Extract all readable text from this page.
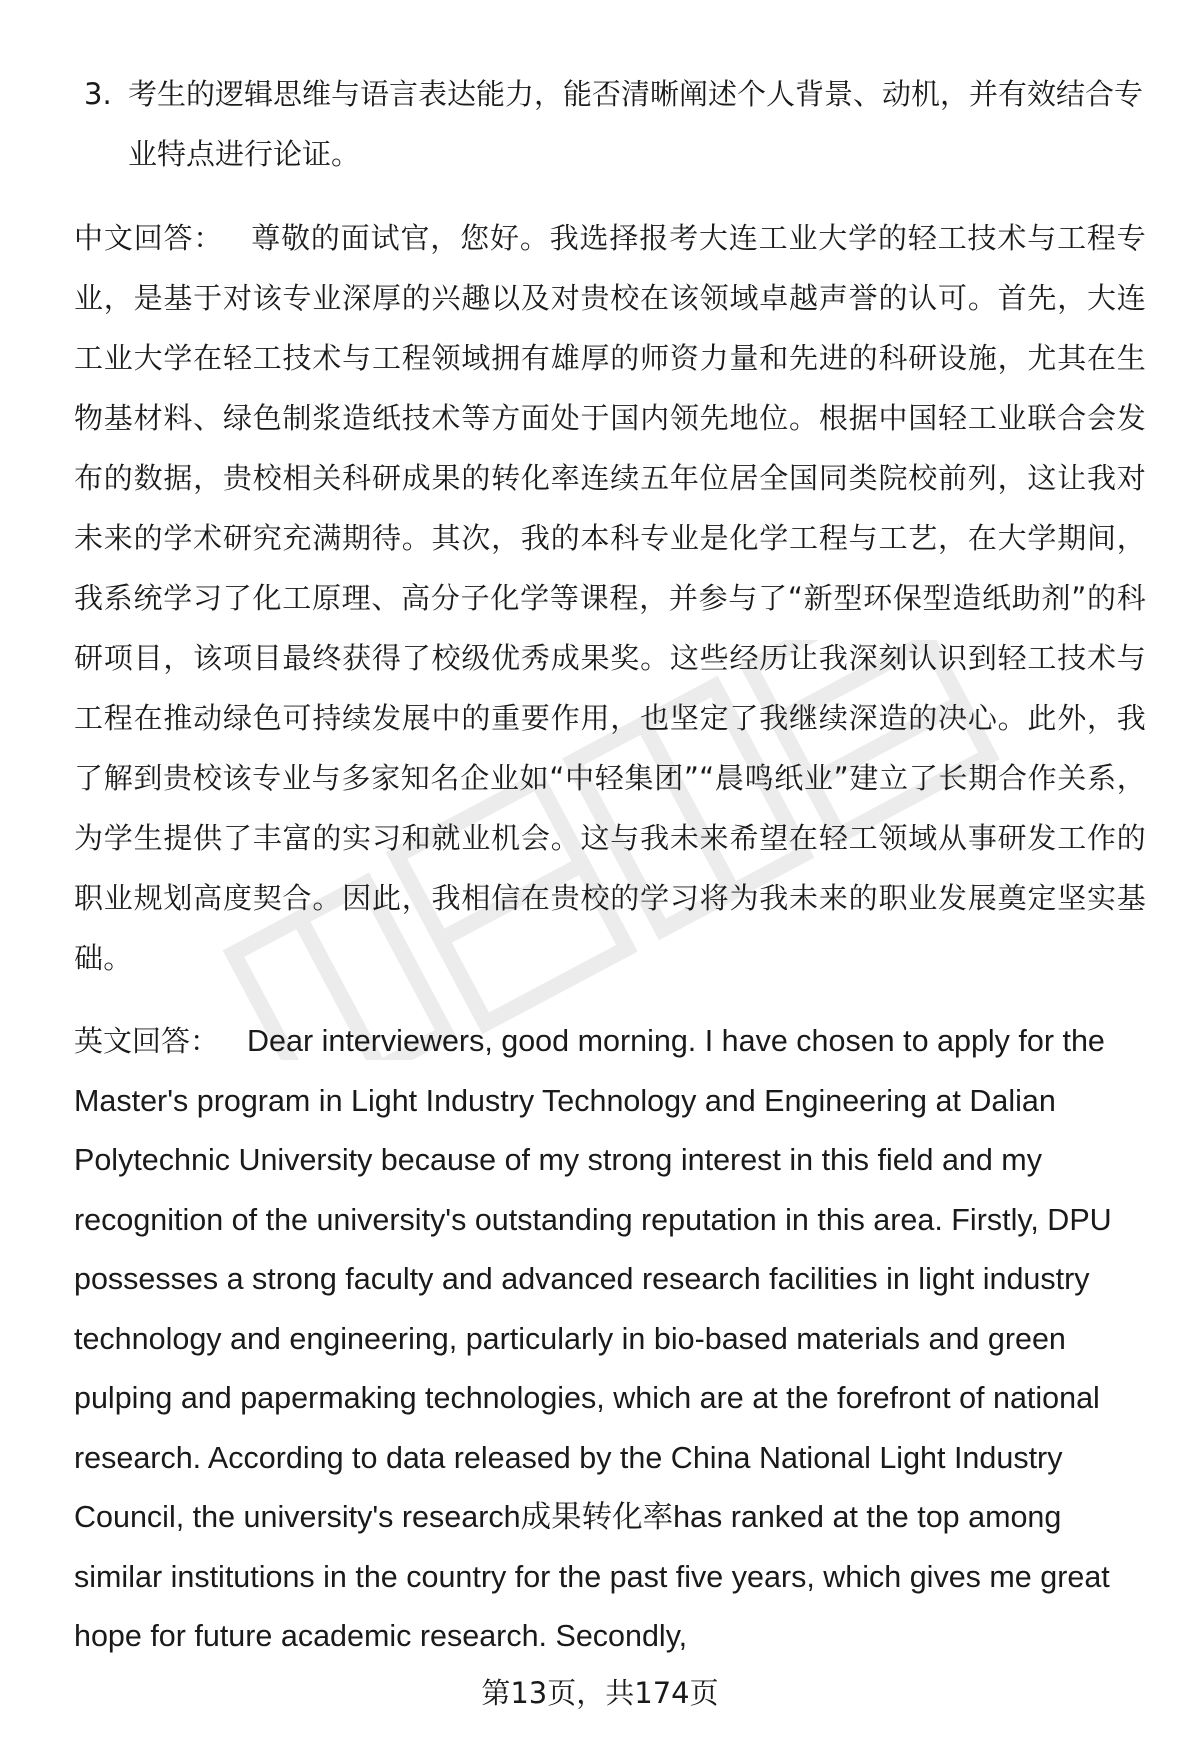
3. 考生的逻辑思维与语言表达能力，能否清晰阐述个人背景、动机，并有效结合专业特点进行论证。
中文回答： 尊敬的面试官，您好。我选择报考大连工业大学的轻工技术与工程专业，是基于对该专业深厚的兴趣以及对贵校在该领域卓越声誉的认可。首先，大连工业大学在轻工技术与工程领域拥有雄厚的师资力量和先进的科研设施，尤其在生物基材料、绿色制浆造纸技术等方面处于国内领先地位。根据中国轻工业联合会发布的数据，贵校相关科研成果的转化率连续五年位居全国同类院校前列，这让我对未来的学术研究充满期待。其次，我的本科专业是化学工程与工艺，在大学期间，我系统学习了化工原理、高分子化学等课程，并参与了“新型环保型造纸助剂”的科研项目，该项目最终获得了校级优秀成果奖。这些经历让我深刻认识到轻工技术与工程在推动绿色可持续发展中的重要作用，也坚定了我继续深造的决心。此外，我了解到贵校该专业与多家知名企业如“中轻集团”“晨鸣纸业”建立了长期合作关系，为学生提供了丰富的实习和就业机会。这与我未来希望在轻工领域从事研发工作的职业规划高度契合。因此，我相信在贵校的学习将为我未来的职业发展奠定坚实基础。
英文回答： Dear interviewers, good morning. I have chosen to apply for the Master's program in Light Industry Technology and Engineering at Dalian Polytechnic University because of my strong interest in this field and my recognition of the university's outstanding reputation in this area. Firstly, DPU possesses a strong faculty and advanced research facilities in light industry technology and engineering, particularly in bio-based materials and green pulping and papermaking technologies, which are at the forefront of national research. According to data released by the China National Light Industry Council, the university's research成果转化率has ranked at the top among similar institutions in the country for the past five years, which gives me great hope for future academic research. Secondly,
第13页，共174页
